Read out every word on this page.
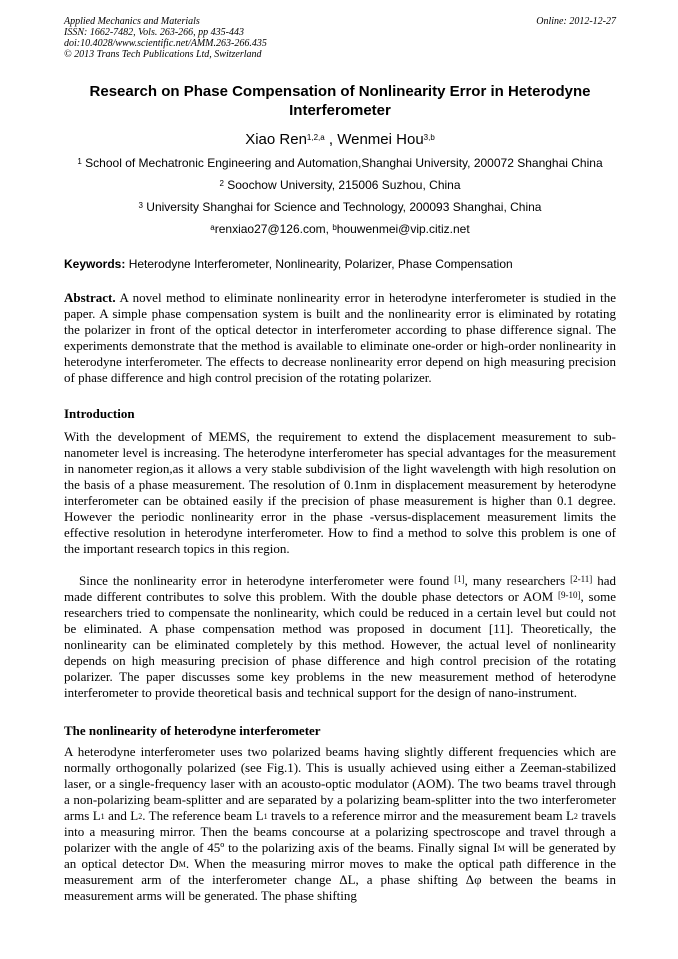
Applied Mechanics and Materials
ISSN: 1662-7482, Vols. 263-266, pp 435-443
doi:10.4028/www.scientific.net/AMM.263-266.435
© 2013 Trans Tech Publications Ltd, Switzerland
Online: 2012-12-27
Research on Phase Compensation of Nonlinearity Error in Heterodyne Interferometer
Xiao Ren$^{1,2,a}$ , Wenmei Hou$^{3,b}$
$^1$ School of Mechatronic Engineering and Automation,Shanghai University, 200072 Shanghai China
$^2$ Soochow University, 215006 Suzhou, China
$^3$ University Shanghai for Science and Technology, 200093 Shanghai, China
$^a$renxiao27@126.com, $^b$houwenmei@vip.citiz.net
Keywords: Heterodyne Interferometer, Nonlinearity, Polarizer, Phase Compensation
Abstract. A novel method to eliminate nonlinearity error in heterodyne interferometer is studied in the paper. A simple phase compensation system is built and the nonlinearity error is eliminated by rotating the polarizer in front of the optical detector in interferometer according to phase difference signal. The experiments demonstrate that the method is available to eliminate one-order or high-order nonlinearity in heterodyne interferometer. The effects to decrease nonlinearity error depend on high measuring precision of phase difference and high control precision of the rotating polarizer.
Introduction
With the development of MEMS, the requirement to extend the displacement measurement to sub-nanometer level is increasing. The heterodyne interferometer has special advantages for the measurement in nanometer region,as it allows a very stable subdivision of the light wavelength with high resolution on the basis of a phase measurement. The resolution of 0.1nm in displacement measurement by heterodyne interferometer can be obtained easily if the precision of phase measurement is higher than 0.1 degree. However the periodic nonlinearity error in the phase -versus-displacement measurement limits the effective resolution in heterodyne interferometer. How to find a method to solve this problem is one of the important research topics in this region.
Since the nonlinearity error in heterodyne interferometer were found [1], many researchers [2-11] had made different contributes to solve this problem. With the double phase detectors or AOM [9-10], some researchers tried to compensate the nonlinearity, which could be reduced in a certain level but could not be eliminated. A phase compensation method was proposed in document [11]. Theoretically, the nonlinearity can be eliminated completely by this method. However, the actual level of nonlinearity depends on high measuring precision of phase difference and high control precision of the rotating polarizer. The paper discusses some key problems in the new measurement method of heterodyne interferometer to provide theoretical basis and technical support for the design of nano-instrument.
The nonlinearity of heterodyne interferometer
A heterodyne interferometer uses two polarized beams having slightly different frequencies which are normally orthogonally polarized (see Fig.1). This is usually achieved using either a Zeeman-stabilized laser, or a single-frequency laser with an acousto-optic modulator (AOM). The two beams travel through a non-polarizing beam-splitter and are separated by a polarizing beam-splitter into the two interferometer arms $L_1$ and $L_2$. The reference beam $L_1$ travels to a reference mirror and the measurement beam $L_2$ travels into a measuring mirror. Then the beams concourse at a polarizing spectroscope and travel through a polarizer with the angle of 45º to the polarizing axis of the beams. Finally signal $I_M$ will be generated by an optical detector $D_M$. When the measuring mirror moves to make the optical path difference in the measurement arm of the interferometer change ΔL, a phase shifting Δφ between the beams in measurement arms will be generated. The phase shifting
